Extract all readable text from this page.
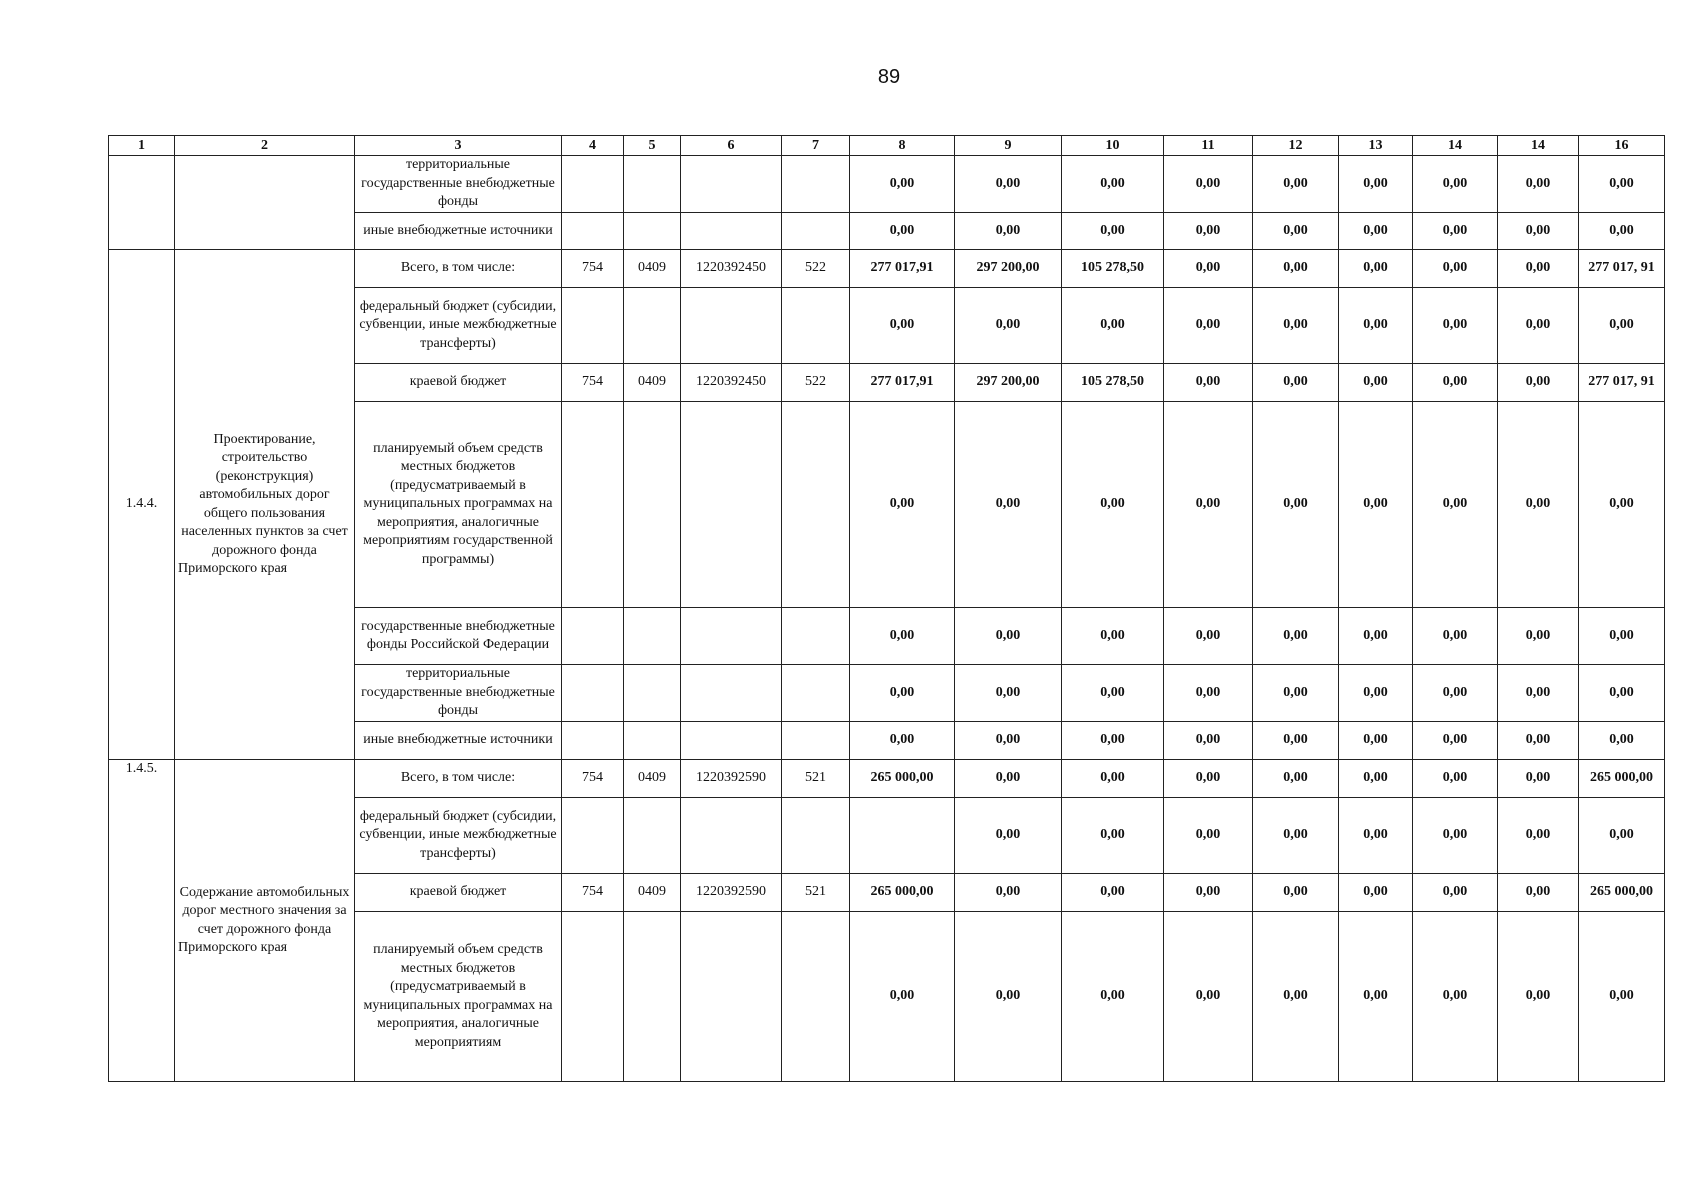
89
1	2	3	4	5	6	7	8	9	10	11	12	13	14	14	16
		территориальные государственные внебюджетные фонды					0,00	0,00	0,00	0,00	0,00	0,00	0,00	0,00	0,00
		иные внебюджетные источники					0,00	0,00	0,00	0,00	0,00	0,00	0,00	0,00	0,00
1.4.4.	Проектирование, строительство (реконструкция) автомобильных дорог общего пользования населенных пунктов за счет дорожного фонда Приморского края	Всего, в том числе:	754	0409	1220392450	522	277 017,91	297 200,00	105 278,50	0,00	0,00	0,00	0,00	0,00	277 017, 91
		федеральный бюджет (субсидии, субвенции, иные межбюджетные трансферты)					0,00	0,00	0,00	0,00	0,00	0,00	0,00	0,00	0,00
		краевой бюджет	754	0409	1220392450	522	277 017,91	297 200,00	105 278,50	0,00	0,00	0,00	0,00	0,00	277 017, 91
		планируемый объем средств местных бюджетов (предусматриваемый в муниципальных программах на мероприятия, аналогичные мероприятиям государственной программы)					0,00	0,00	0,00	0,00	0,00	0,00	0,00	0,00	0,00
		государственные внебюджетные фонды Российской Федерации					0,00	0,00	0,00	0,00	0,00	0,00	0,00	0,00	0,00
		территориальные государственные внебюджетные фонды					0,00	0,00	0,00	0,00	0,00	0,00	0,00	0,00	0,00
		иные внебюджетные источники					0,00	0,00	0,00	0,00	0,00	0,00	0,00	0,00	0,00
1.4.5.	Содержание автомобильных дорог местного значения за счет дорожного фонда Приморского края	Всего, в том числе:	754	0409	1220392590	521	265 000,00	0,00	0,00	0,00	0,00	0,00	0,00	0,00	265 000,00
		федеральный бюджет (субсидии, субвенции, иные межбюджетные трансферты)						0,00	0,00	0,00	0,00	0,00	0,00	0,00	0,00
		краевой бюджет	754	0409	1220392590	521	265 000,00	0,00	0,00	0,00	0,00	0,00	0,00	0,00	265 000,00
		планируемый объем средств местных бюджетов (предусматриваемый в муниципальных программах на мероприятия, аналогичные мероприятиям					0,00	0,00	0,00	0,00	0,00	0,00	0,00	0,00	0,00
